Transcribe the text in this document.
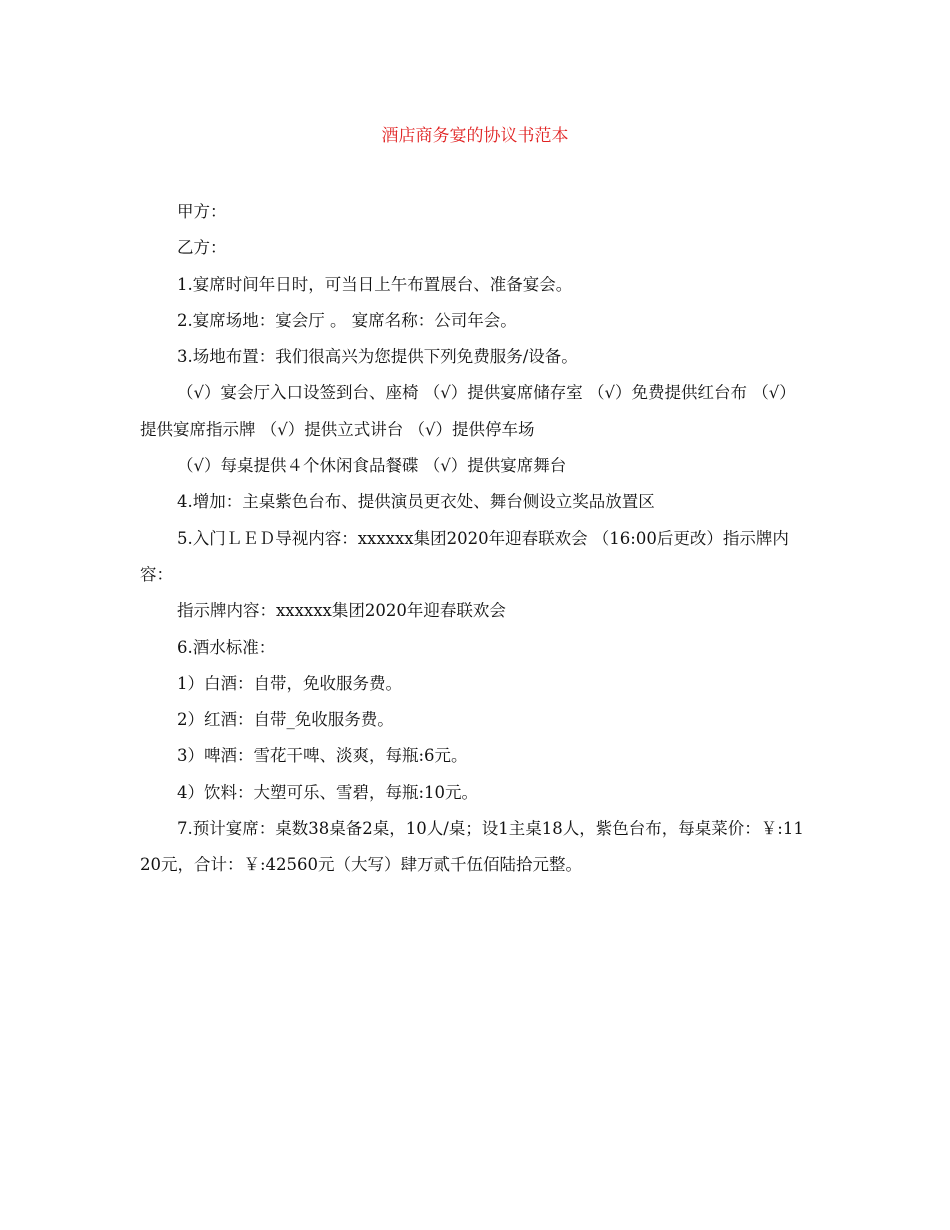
酒店商务宴的协议书范本

甲方：

乙方：

1.宴席时间年日时，可当日上午布置展台、准备宴会。

2.宴席场地：宴会厅 。 宴席名称：公司年会。

3.场地布置：我们很高兴为您提供下列免费服务/设备。

（√）宴会厅入口设签到台、座椅 （√）提供宴席储存室 （√）免费提供红台布 （√）提供宴席指示牌 （√）提供立式讲台 （√）提供停车场

（√）每桌提供４个休闲食品餐碟 （√）提供宴席舞台

4.增加：主桌紫色台布、提供演员更衣处、舞台侧设立奖品放置区

5.入门ＬＥＤ导视内容：xxxxxx集团2020年迎春联欢会 （16:00后更改）指示牌内容：

指示牌内容：xxxxxx集团2020年迎春联欢会

6.酒水标准：

1）白酒：自带，免收服务费。

2）红酒：自带_免收服务费。

3）啤酒：雪花干啤、淡爽，每瓶:6元。

4）饮料：大塑可乐、雪碧，每瓶:10元。

7.预计宴席：桌数38桌备2桌，10人/桌；设1主桌18人，紫色台布，每桌菜价：￥:1120元，合计：￥:42560元（大写）肆万贰千伍佰陆拾元整。
